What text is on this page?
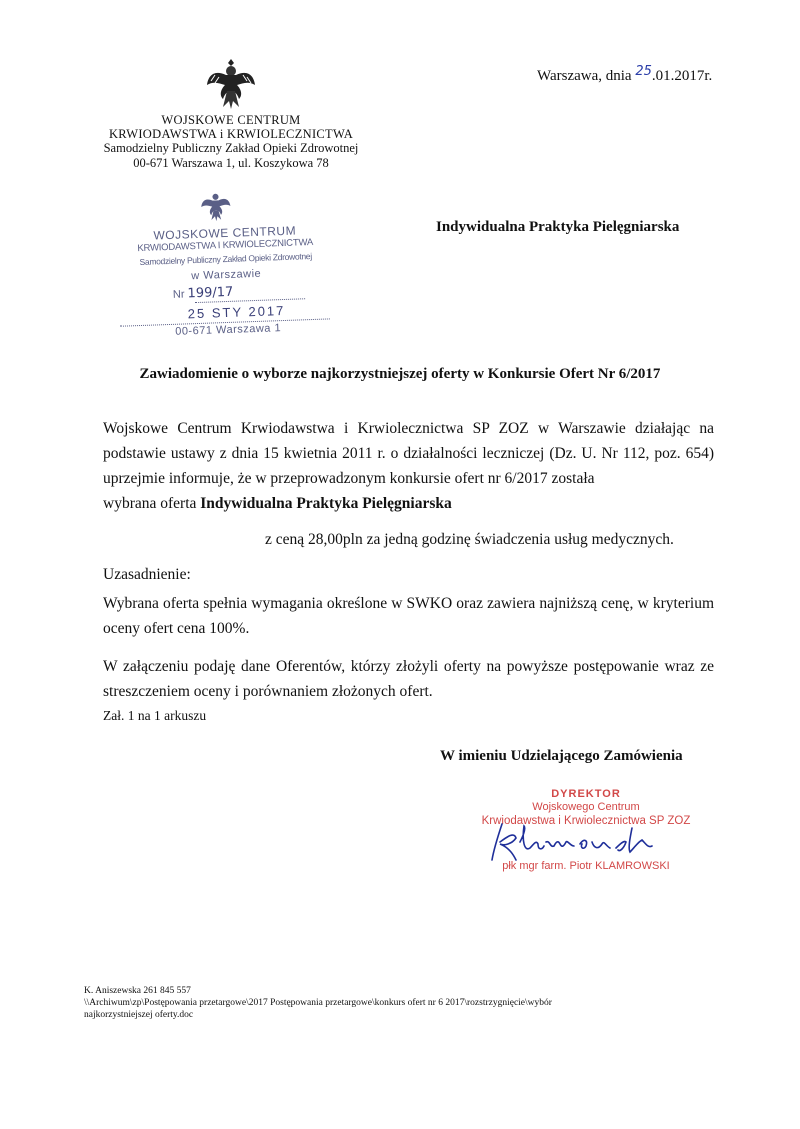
WOJSKOWE CENTRUM
KRWIODAWSTWA i KRWIOLECZNICTWA
Samodzielny Publiczny Zakład Opieki Zdrowotnej
00-671 Warszawa 1, ul. Koszykowa 78
Warszawa, dnia 25.01.2017r.
WOJSKOWE CENTRUM
KRWIODAWSTWA I KRWIOLECZNICTWA
Samodzielny Publiczny Zakład Opieki Zdrowotnej
w Warszawie
Nr 199/17
25 STY 2017
00-671 Warszawa 1
Indywidualna Praktyka Pielęgniarska
Zawiadomienie o wyborze najkorzystniejszej oferty w Konkursie Ofert Nr 6/2017
Wojskowe Centrum Krwiodawstwa i Krwiolecznictwa SP ZOZ w Warszawie działając na podstawie ustawy z dnia 15 kwietnia 2011 r. o działalności leczniczej (Dz. U. Nr 112, poz. 654) uprzejmie informuje, że w przeprowadzonym konkursie ofert nr 6/2017 została
wybrana oferta Indywidualna Praktyka Pielęgniarska
z ceną 28,00pln za jedną godzinę świadczenia usług medycznych.
Uzasadnienie:
Wybrana oferta spełnia wymagania określone w SWKO oraz zawiera najniższą cenę, w kryterium oceny ofert cena 100%.
W załączeniu podaję dane Oferentów, którzy złożyli oferty na powyższe postępowanie wraz ze streszczeniem oceny i porównaniem złożonych ofert.
Zał. 1 na 1 arkuszu
W imieniu Udzielającego Zamówienia
DYREKTOR
Wojskowego Centrum
Krwiodawstwa i Krwiolecznictwa SP ZOZ
płk mgr farm. Piotr KLAMROWSKI
K. Aniszewska 261 845 557
\\Archiwum\zp\Postępowania przetargowe\2017 Postępowania przetargowe\konkurs ofert nr 6 2017\rozstrzygnięcie\wybór
najkorzystniejszej oferty.doc
